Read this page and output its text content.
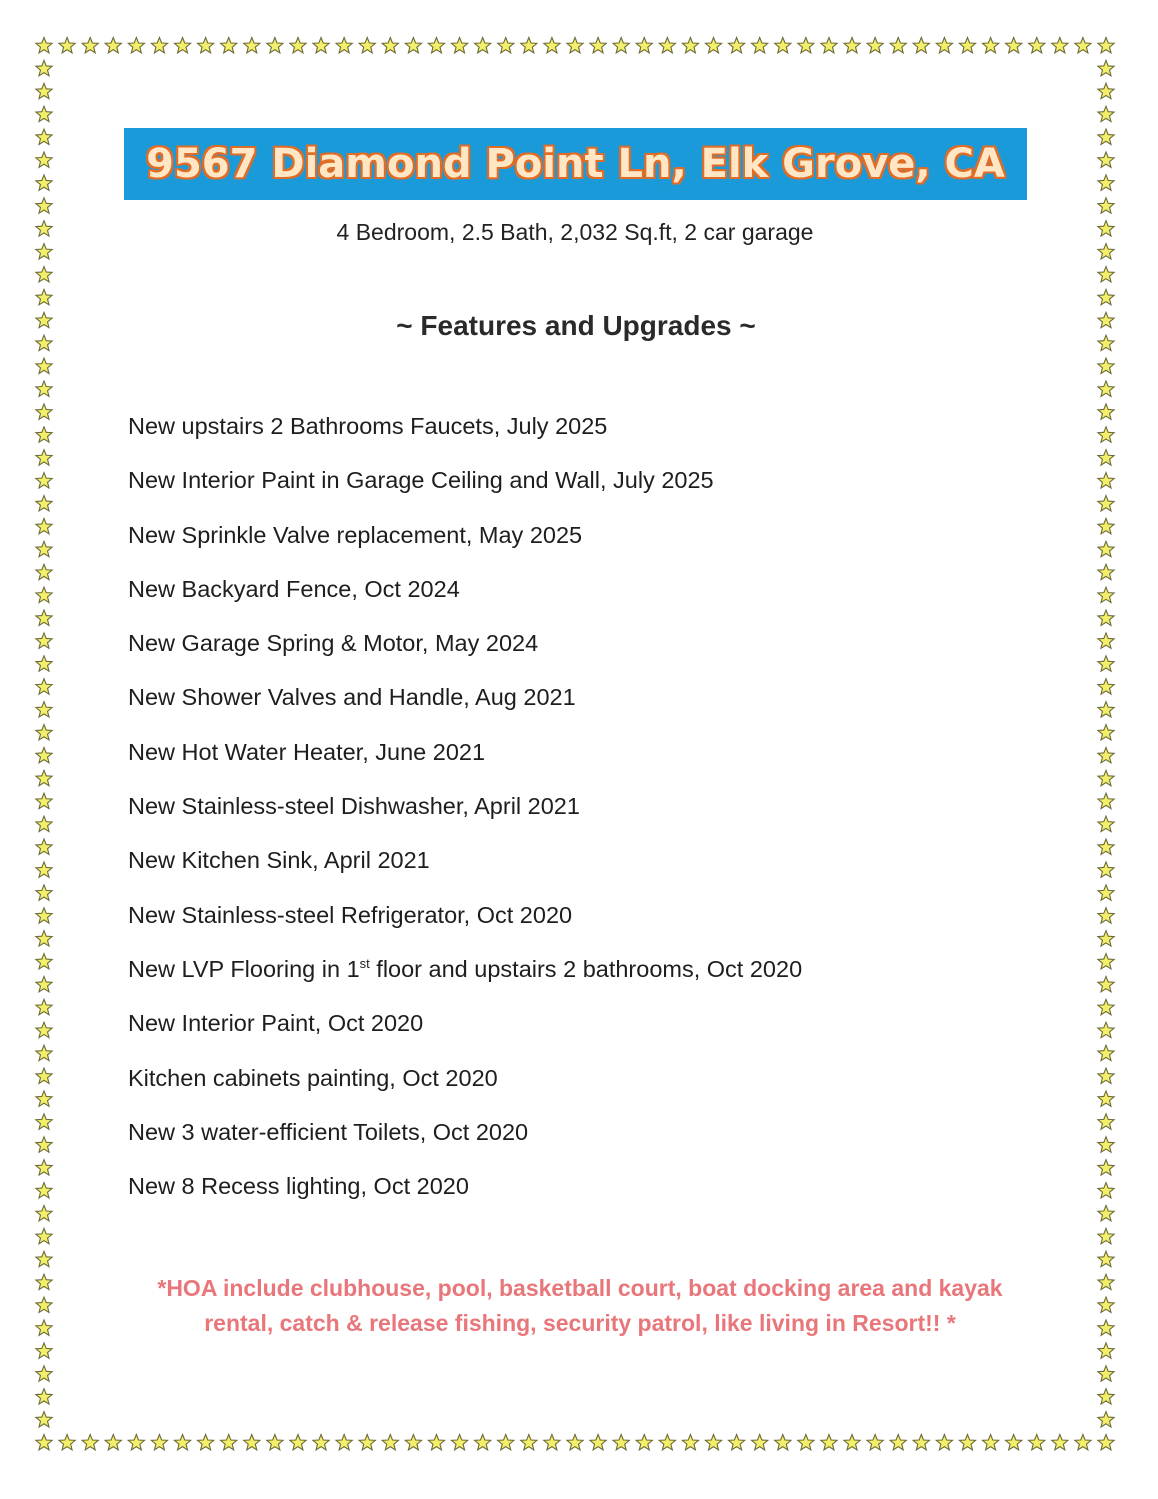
9567 Diamond Point Ln, Elk Grove, CA
4 Bedroom, 2.5 Bath, 2,032 Sq.ft, 2 car garage
~ Features and Upgrades ~
New upstairs 2 Bathrooms Faucets, July 2025
New Interior Paint in Garage Ceiling and Wall, July 2025
New Sprinkle Valve replacement, May 2025
New Backyard Fence, Oct 2024
New Garage Spring & Motor, May 2024
New Shower Valves and Handle, Aug 2021
New Hot Water Heater, June 2021
New Stainless-steel Dishwasher, April 2021
New Kitchen Sink, April 2021
New Stainless-steel Refrigerator, Oct 2020
New LVP Flooring in 1st floor and upstairs 2 bathrooms, Oct 2020
New Interior Paint, Oct 2020
Kitchen cabinets painting, Oct 2020
New 3 water-efficient Toilets, Oct 2020
New 8 Recess lighting, Oct 2020
*HOA include clubhouse, pool, basketball court, boat docking area and kayak rental, catch & release fishing, security patrol, like living in Resort!! *
